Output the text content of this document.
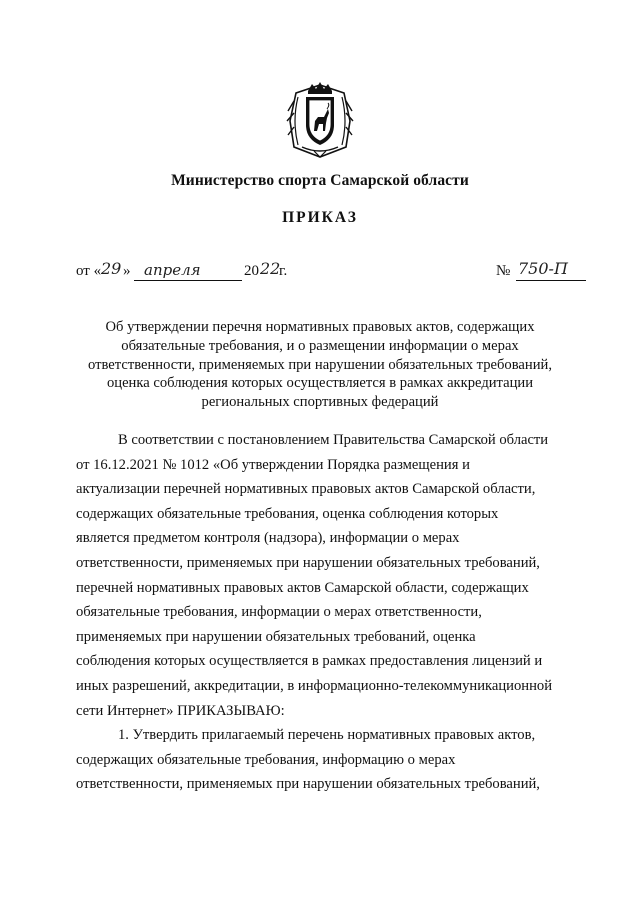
Министерство спорта Самарской области
ПРИКАЗ
от « 29 » апреля	20 22
г.	№ 750-П
Об утверждении перечня нормативных правовых актов, содержащих
обязательные требования, и о размещении информации о мерах
ответственности, применяемых при нарушении обязательных требований,
оценка соблюдения которых осуществляется в рамках аккредитации
региональных спортивных федераций
В соответствии с постановлением Правительства Самарской области
от 16.12.2021 № 1012 «Об утверждении Порядка размещения и
актуализации перечней нормативных правовых актов Самарской области,
содержащих обязательные требования, оценка соблюдения которых
является предметом контроля (надзора), информации о мерах
ответственности, применяемых при нарушении обязательных требований,
перечней нормативных правовых актов Самарской области, содержащих
обязательные требования, информации о мерах ответственности,
применяемых при нарушении обязательных требований, оценка
соблюдения которых осуществляется в рамках предоставления лицензий и
иных разрешений, аккредитации, в информационно-телекоммуникационной
сети Интернет» ПРИКАЗЫВАЮ:
1. Утвердить прилагаемый перечень нормативных правовых актов,
содержащих обязательные требования, информацию о мерах
ответственности, применяемых при нарушении обязательных требований,
